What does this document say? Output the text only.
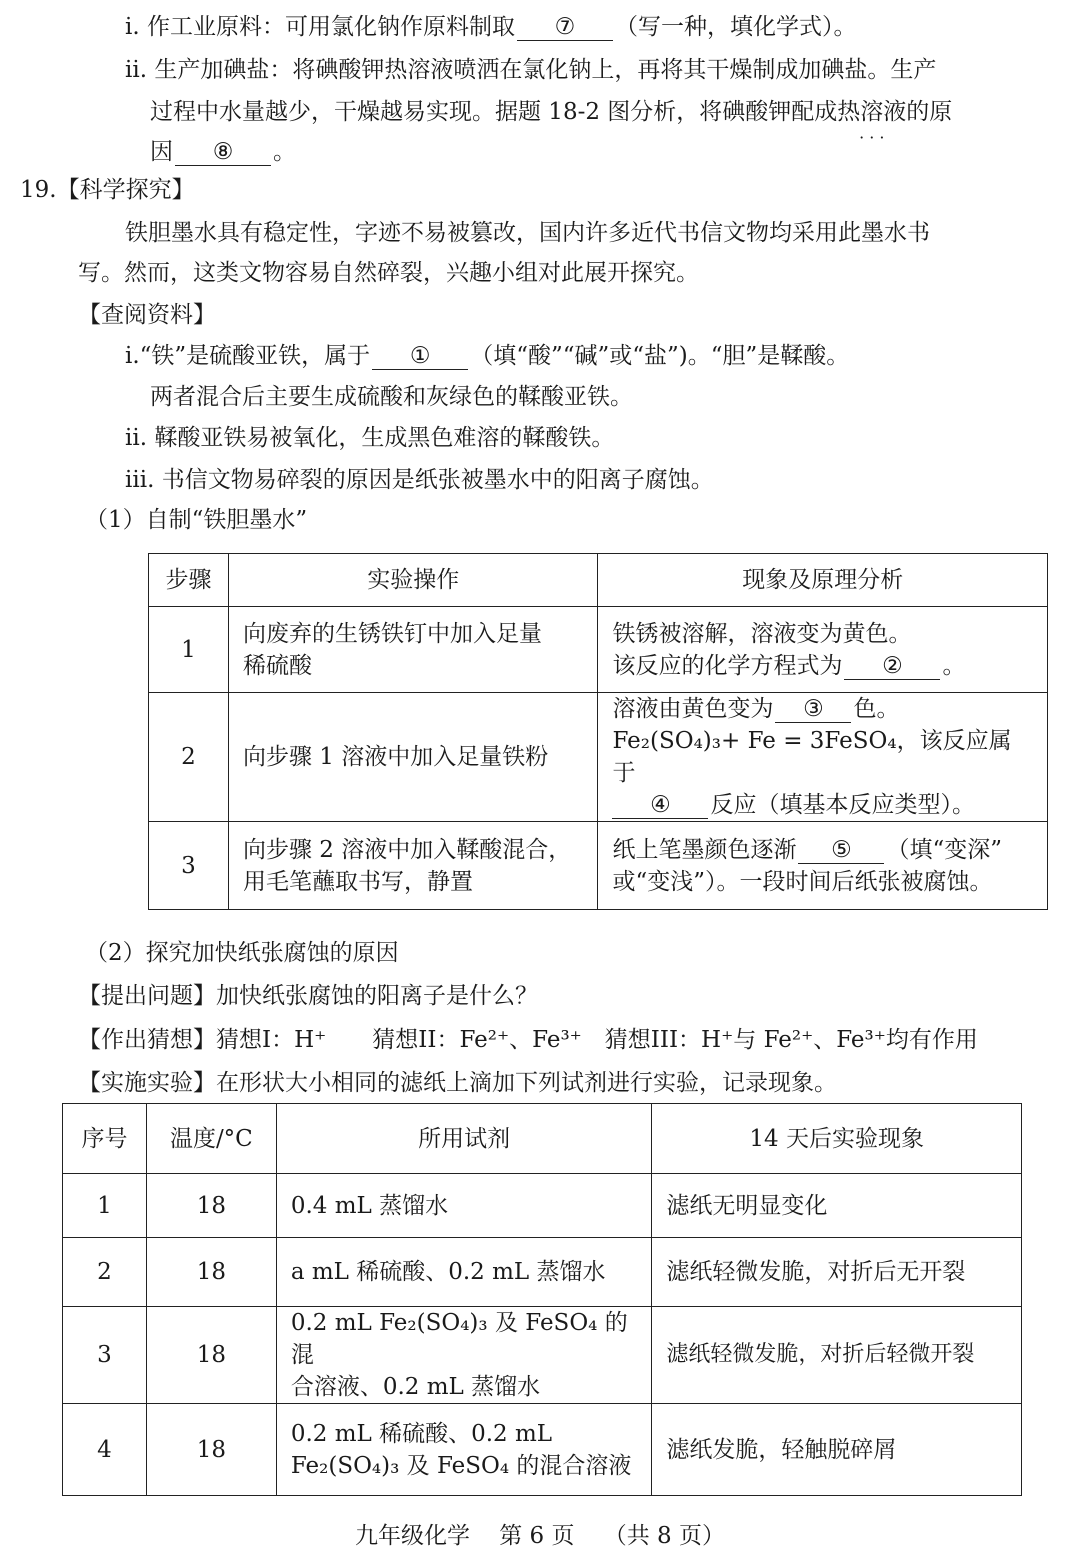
i. 作工业原料：可用氯化钠作原料制取 ⑦ （写一种，填化学式）。
ii. 生产加碘盐：将碘酸钾热溶液喷洒在氯化钠上，再将其干燥制成加碘盐。生产
过程中水量越少，干燥越易实现。据题 18-2 图分析，将碘酸钾配成热溶液 · · ·的原
因 ⑧ 。
19.【科学探究】
铁胆墨水具有稳定性，字迹不易被篡改，国内许多近代书信文物均采用此墨水书
写。然而，这类文物容易自然碎裂，兴趣小组对此展开探究。
【查阅资料】
i.“铁”是硫酸亚铁，属于 ① （填“酸”“碱”或“盐”)。“胆”是鞣酸。
两者混合后主要生成硫酸和灰绿色的鞣酸亚铁。
ii. 鞣酸亚铁易被氧化，生成黑色难溶的鞣酸铁。
iii. 书信文物易碎裂的原因是纸张被墨水中的阳离子腐蚀。
（1）自制“铁胆墨水”
步骤	实验操作	现象及原理分析
1	向废弃的生锈铁钉中加入足量
稀硫酸	铁锈被溶解，溶液变为黄色。
该反应的化学方程式为 ② 。

2	向步骤 1 溶液中加入足量铁粉	溶液由黄色变为 ③ 色。
Fe₂(SO₄)₃+ Fe = 3FeSO₄，该反应属于
④ 反应（填基本反应类型）。

3	向步骤 2 溶液中加入鞣酸混合，
用毛笔蘸取书写，静置	纸上笔墨颜色逐渐 ⑤ （填“变深”
或“变浅”）。一段时间后纸张被腐蚀。
（2）探究加快纸张腐蚀的原因
【提出问题】加快纸张腐蚀的阳离子是什么？
【作出猜想】猜想I：H⁺　　猜想II：Fe²⁺、Fe³⁺　猜想III：H⁺与 Fe²⁺、Fe³⁺均有作用
【实施实验】在形状大小相同的滤纸上滴加下列试剂进行实验，记录现象。
序号	温度/°C	所用试剂	14 天后实验现象
1	18	0.4 mL 蒸馏水	滤纸无明显变化
2	18	a mL 稀硫酸、0.2 mL 蒸馏水	滤纸轻微发脆，对折后无开裂
3	18	0.2 mL Fe₂(SO₄)₃ 及 FeSO₄ 的混
合溶液、0.2 mL 蒸馏水	滤纸轻微发脆，对折后轻微开裂
4	18	0.2 mL 稀硫酸、0.2 mL
Fe₂(SO₄)₃ 及 FeSO₄ 的混合溶液	滤纸发脆，轻触脱碎屑
九年级化学    第 6 页    （共 8 页）
